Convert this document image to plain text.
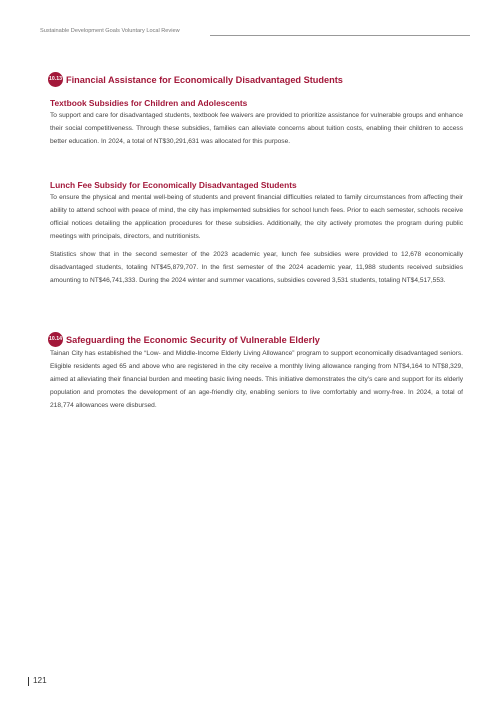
Sustainable Development Goals Voluntary Local Review
10.13 Financial Assistance for Economically Disadvantaged Students
Textbook Subsidies for Children and Adolescents

To support and care for disadvantaged students, textbook fee waivers are provided to prioritize assistance for vulnerable groups and enhance their social competitiveness. Through these subsidies, families can alleviate concerns about tuition costs, enabling their children to access better education. In 2024, a total of NT$30,291,631 was allocated for this purpose.

Lunch Fee Subsidy for Economically Disadvantaged Students

To ensure the physical and mental well-being of students and prevent financial difficulties related to family circumstances from affecting their ability to attend school with peace of mind, the city has implemented subsidies for school lunch fees. Prior to each semester, schools receive official notices detailing the application procedures for these subsidies. Additionally, the city actively promotes the program during public meetings with principals, directors, and nutritionists.

Statistics show that in the second semester of the 2023 academic year, lunch fee subsidies were provided to 12,678 economically disadvantaged students, totaling NT$45,879,707. In the first semester of the 2024 academic year, 11,988 students received subsidies amounting to NT$46,741,333. During the 2024 winter and summer vacations, subsidies covered 3,531 students, totaling NT$4,517,553.

10.14 Safeguarding the Economic Security of Vulnerable Elderly

Tainan City has established the “Low- and Middle-Income Elderly Living Allowance” program to support economically disadvantaged seniors. Eligible residents aged 65 and above who are registered in the city receive a monthly living allowance ranging from NT$4,164 to NT$8,329, aimed at alleviating their financial burden and meeting basic living needs. This initiative demonstrates the city’s care and support for its elderly population and promotes the development of an age-friendly city, enabling seniors to live comfortably and worry-free. In 2024, a total of 218,774 allowances were disbursed.

121
